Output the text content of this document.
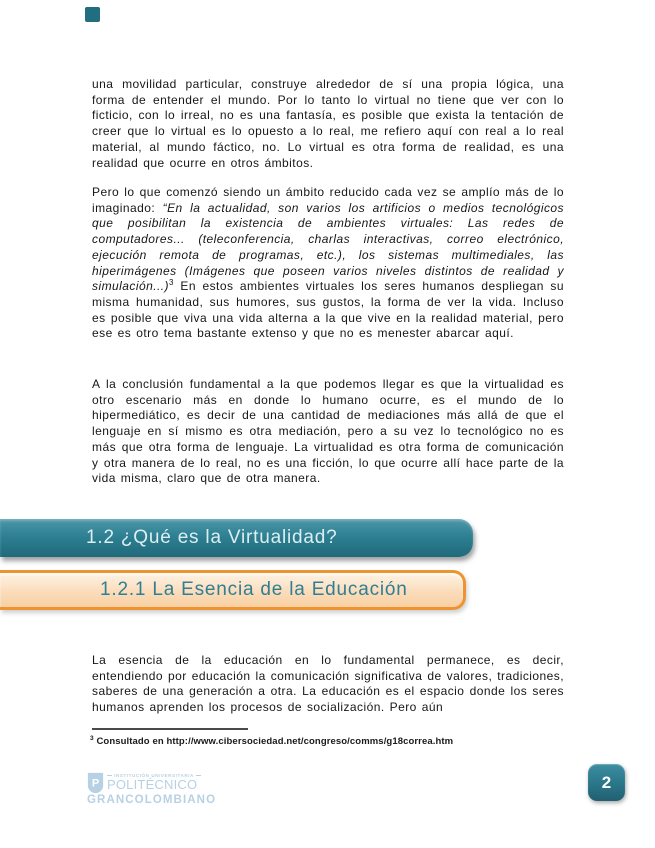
una movilidad particular, construye alrededor de sí una propia lógica, una forma de entender el mundo. Por lo tanto lo virtual no tiene que ver con lo ficticio, con lo irreal, no es una fantasía, es posible que exista la tentación de creer que lo virtual es lo opuesto a lo real, me refiero aquí con real a lo real material, al mundo fáctico, no. Lo virtual es otra forma de realidad, es una realidad que ocurre en otros ámbitos.

Pero lo que comenzó siendo un ámbito reducido cada vez se amplío más de lo imaginado: “En la actualidad, son varios los artificios o medios tecnológicos que posibilitan la existencia de ambientes virtuales: Las redes de computadores... (teleconferencia, charlas interactivas, correo electrónico, ejecución remota de programas, etc.), los sistemas multimediales, las hiperimágenes (Imágenes que poseen varios niveles distintos de realidad y simulación...)$^3$ En estos ambientes virtuales los seres humanos despliegan su misma humanidad, sus humores, sus gustos, la forma de ver la vida. Incluso es posible que viva una vida alterna a la que vive en la realidad material, pero ese es otro tema bastante extenso y que no es menester abarcar aquí.

A la conclusión fundamental a la que podemos llegar es que la virtualidad es otro escenario más en donde lo humano ocurre, es el mundo de lo hipermediático, es decir de una cantidad de mediaciones más allá de que el lenguaje en sí mismo es otra mediación, pero a su vez lo tecnológico no es más que otra forma de lenguaje. La virtualidad es otra forma de comunicación y otra manera de lo real, no es una ficción, lo que ocurre allí hace parte de la vida misma, claro que de otra manera.

1.2 ¿Qué es la Virtualidad?
1.2.1 La Esencia de la Educación

La esencia de la educación en lo fundamental permanece, es decir, entendiendo por educación la comunicación significativa de valores, tradiciones, saberes de una generación a otra. La educación es el espacio donde los seres humanos aprenden los procesos de socialización. Pero aún

$^3$ Consultado en http://www.cibersociedad.net/congreso/comms/g18correa.htm

P
INSTITUCIÓN UNIVERSITARIA
POLITÉCNICO
GRANCOLOMBIANO
2
